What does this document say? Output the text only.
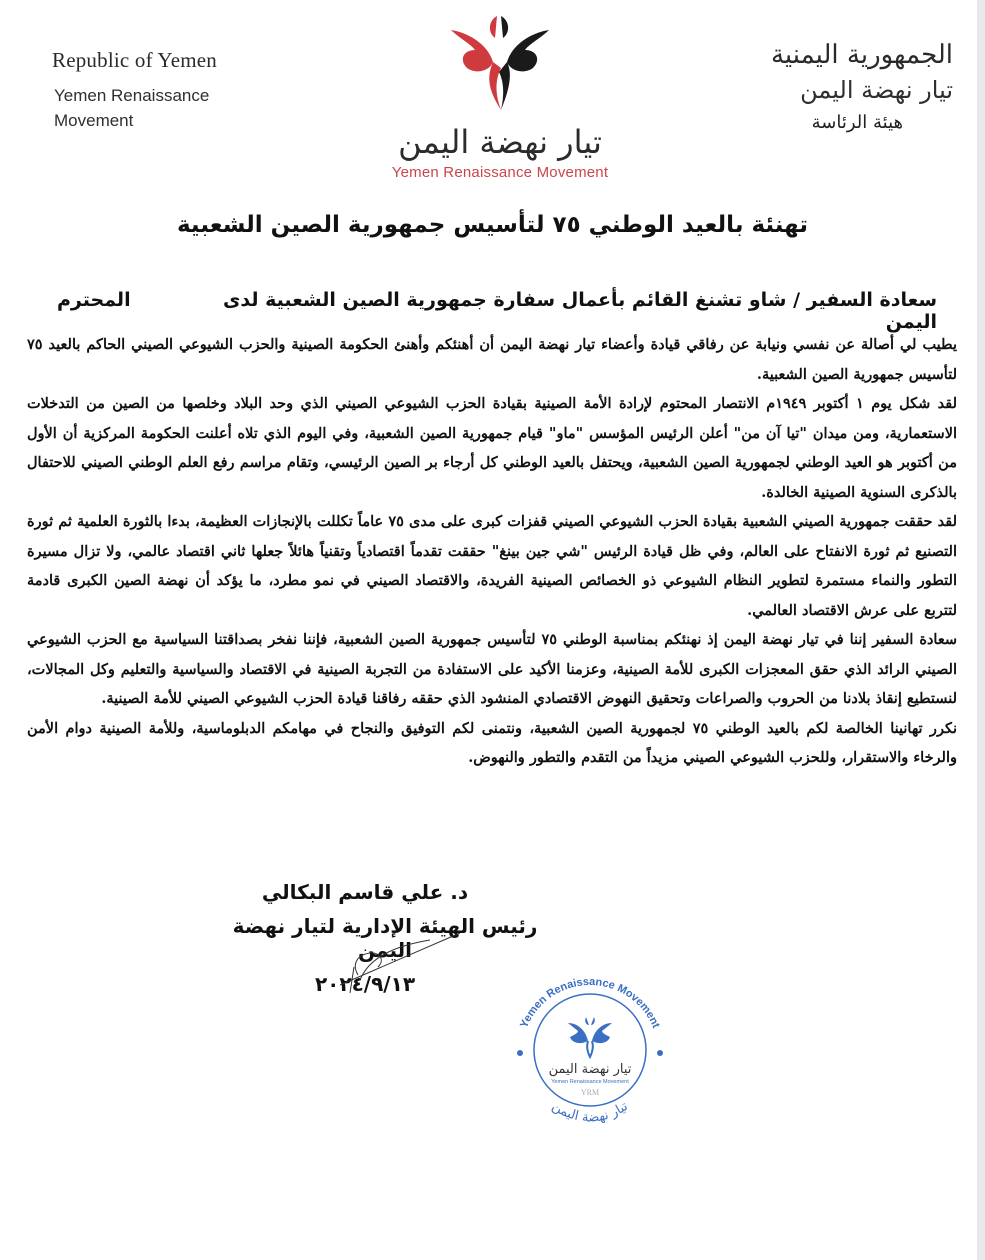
Republic of Yemen
Yemen Renaissance
Movement
تيار نهضة اليمن
Yemen Renaissance Movement
الجمهورية اليمنية
تيار نهضة اليمن
هيئة الرئاسة
تهنئة بالعيد الوطني ٧٥ لتأسيس جمهورية الصين الشعبية
سعادة السفير / شاو تشنغ القائم بأعمال سفارة جمهورية الصين الشعبية لدى اليمن
المحترم

يطيب لي أصالة عن نفسي ونيابة عن رفاقي قيادة وأعضاء تيار نهضة اليمن أن أهنئكم وأهنئ الحكومة الصينية والحزب الشيوعي الصيني الحاكم بالعيد ٧٥ لتأسيس جمهورية الصين الشعبية.

لقد شكل يوم ١ أكتوبر ١٩٤٩م الانتصار المحتوم لإرادة الأمة الصينية بقيادة الحزب الشيوعي الصيني الذي وحد البلاد وخلصها من الصين من التدخلات الاستعمارية، ومن ميدان "تيا آن من" أعلن الرئيس المؤسس "ماو" قيام جمهورية الصين الشعبية، وفي اليوم الذي تلاه أعلنت الحكومة المركزية أن الأول من أكتوبر هو العيد الوطني لجمهورية الصين الشعبية، ويحتفل بالعيد الوطني كل أرجاء بر الصين الرئيسي، وتقام مراسم رفع العلم الوطني الصيني للاحتفال بالذكرى السنوية الصينية الخالدة.

لقد حققت جمهورية الصيني الشعبية بقيادة الحزب الشيوعي الصيني قفزات كبرى على مدى ٧٥ عاماً تكللت بالإنجازات العظيمة، بدءا بالثورة العلمية ثم ثورة التصنيع ثم ثورة الانفتاح على العالم، وفي ظل قيادة الرئيس "شي جين بينغ" حققت تقدماً اقتصادياً وتقنياً هائلاً جعلها ثاني اقتصاد عالمي، ولا تزال مسيرة التطور والنماء مستمرة لتطوير النظام الشيوعي ذو الخصائص الصينية الفريدة، والاقتصاد الصيني في نمو مطرد، ما يؤكد أن نهضة الصين الكبرى قادمة لتتربع على عرش الاقتصاد العالمي.

سعادة السفير إننا في تيار نهضة اليمن إذ نهنئكم بمناسبة الوطني ٧٥ لتأسيس جمهورية الصين الشعبية، فإننا نفخر بصداقتنا السياسية مع الحزب الشيوعي الصيني الرائد الذي حقق المعجزات الكبرى للأمة الصينية، وعزمنا الأكيد على الاستفادة من التجربة الصينية في الاقتصاد والسياسية والتعليم وكل المجالات، لنستطيع إنقاذ بلادنا من الحروب والصراعات وتحقيق النهوض الاقتصادي المنشود الذي حققه رفاقنا قيادة الحزب الشيوعي الصيني للأمة الصينية.

نكرر تهانينا الخالصة لكم بالعيد الوطني ٧٥ لجمهورية الصين الشعبية، ونتمنى لكم التوفيق والنجاح في مهامكم الدبلوماسية، وللأمة الصينية دوام الأمن والرخاء والاستقرار، وللحزب الشيوعي الصيني مزيداً من التقدم والتطور والنهوض.

د. علي قاسم البكالي
رئيس الهيئة الإدارية لتيار نهضة اليمن
٢٠٢٤/٩/١٣
Yemen Renaissance Movement
تيار نهضة اليمن
Yemen Renaissance Movement
YRM
تيار نهضة اليمن
